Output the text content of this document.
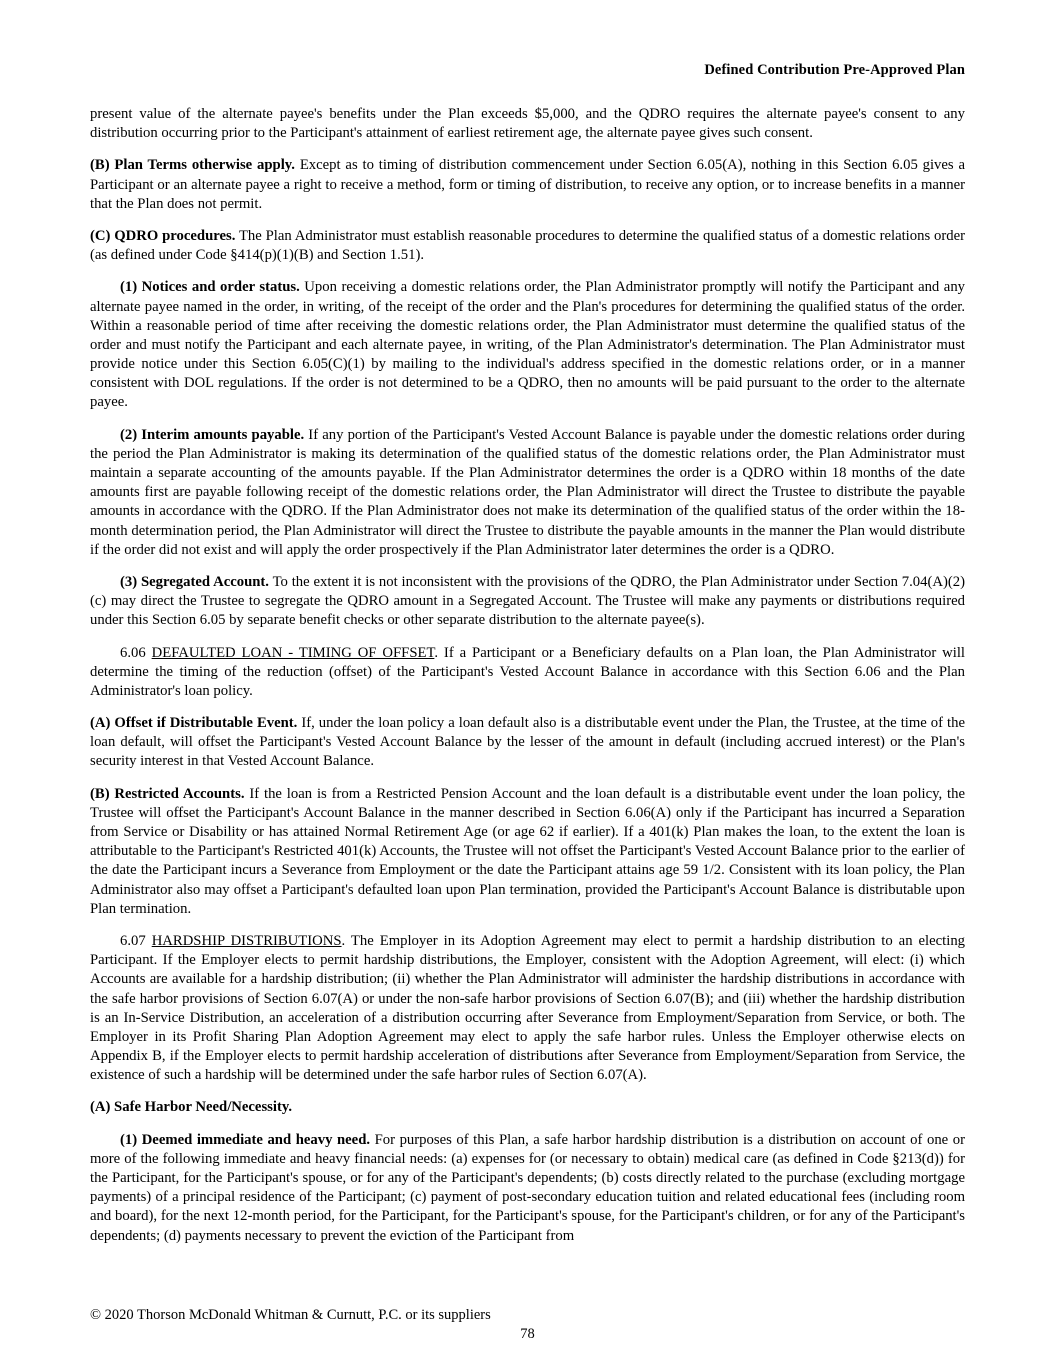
Defined Contribution Pre-Approved Plan
present value of the alternate payee's benefits under the Plan exceeds $5,000, and the QDRO requires the alternate payee's consent to any distribution occurring prior to the Participant's attainment of earliest retirement age, the alternate payee gives such consent.
(B) Plan Terms otherwise apply. Except as to timing of distribution commencement under Section 6.05(A), nothing in this Section 6.05 gives a Participant or an alternate payee a right to receive a method, form or timing of distribution, to receive any option, or to increase benefits in a manner that the Plan does not permit.
(C) QDRO procedures. The Plan Administrator must establish reasonable procedures to determine the qualified status of a domestic relations order (as defined under Code §414(p)(1)(B) and Section 1.51).
(1) Notices and order status. Upon receiving a domestic relations order, the Plan Administrator promptly will notify the Participant and any alternate payee named in the order, in writing, of the receipt of the order and the Plan's procedures for determining the qualified status of the order. Within a reasonable period of time after receiving the domestic relations order, the Plan Administrator must determine the qualified status of the order and must notify the Participant and each alternate payee, in writing, of the Plan Administrator's determination. The Plan Administrator must provide notice under this Section 6.05(C)(1) by mailing to the individual's address specified in the domestic relations order, or in a manner consistent with DOL regulations. If the order is not determined to be a QDRO, then no amounts will be paid pursuant to the order to the alternate payee.
(2) Interim amounts payable. If any portion of the Participant's Vested Account Balance is payable under the domestic relations order during the period the Plan Administrator is making its determination of the qualified status of the domestic relations order, the Plan Administrator must maintain a separate accounting of the amounts payable. If the Plan Administrator determines the order is a QDRO within 18 months of the date amounts first are payable following receipt of the domestic relations order, the Plan Administrator will direct the Trustee to distribute the payable amounts in accordance with the QDRO. If the Plan Administrator does not make its determination of the qualified status of the order within the 18-month determination period, the Plan Administrator will direct the Trustee to distribute the payable amounts in the manner the Plan would distribute if the order did not exist and will apply the order prospectively if the Plan Administrator later determines the order is a QDRO.
(3) Segregated Account. To the extent it is not inconsistent with the provisions of the QDRO, the Plan Administrator under Section 7.04(A)(2)(c) may direct the Trustee to segregate the QDRO amount in a Segregated Account. The Trustee will make any payments or distributions required under this Section 6.05 by separate benefit checks or other separate distribution to the alternate payee(s).
6.06 DEFAULTED LOAN - TIMING OF OFFSET. If a Participant or a Beneficiary defaults on a Plan loan, the Plan Administrator will determine the timing of the reduction (offset) of the Participant's Vested Account Balance in accordance with this Section 6.06 and the Plan Administrator's loan policy.
(A) Offset if Distributable Event. If, under the loan policy a loan default also is a distributable event under the Plan, the Trustee, at the time of the loan default, will offset the Participant's Vested Account Balance by the lesser of the amount in default (including accrued interest) or the Plan's security interest in that Vested Account Balance.
(B) Restricted Accounts. If the loan is from a Restricted Pension Account and the loan default is a distributable event under the loan policy, the Trustee will offset the Participant's Account Balance in the manner described in Section 6.06(A) only if the Participant has incurred a Separation from Service or Disability or has attained Normal Retirement Age (or age 62 if earlier). If a 401(k) Plan makes the loan, to the extent the loan is attributable to the Participant's Restricted 401(k) Accounts, the Trustee will not offset the Participant's Vested Account Balance prior to the earlier of the date the Participant incurs a Severance from Employment or the date the Participant attains age 59 1/2. Consistent with its loan policy, the Plan Administrator also may offset a Participant's defaulted loan upon Plan termination, provided the Participant's Account Balance is distributable upon Plan termination.
6.07 HARDSHIP DISTRIBUTIONS. The Employer in its Adoption Agreement may elect to permit a hardship distribution to an electing Participant. If the Employer elects to permit hardship distributions, the Employer, consistent with the Adoption Agreement, will elect: (i) which Accounts are available for a hardship distribution; (ii) whether the Plan Administrator will administer the hardship distributions in accordance with the safe harbor provisions of Section 6.07(A) or under the non-safe harbor provisions of Section 6.07(B); and (iii) whether the hardship distribution is an In-Service Distribution, an acceleration of a distribution occurring after Severance from Employment/Separation from Service, or both. The Employer in its Profit Sharing Plan Adoption Agreement may elect to apply the safe harbor rules. Unless the Employer otherwise elects on Appendix B, if the Employer elects to permit hardship acceleration of distributions after Severance from Employment/Separation from Service, the existence of such a hardship will be determined under the safe harbor rules of Section 6.07(A).
(A) Safe Harbor Need/Necessity.
(1) Deemed immediate and heavy need. For purposes of this Plan, a safe harbor hardship distribution is a distribution on account of one or more of the following immediate and heavy financial needs: (a) expenses for (or necessary to obtain) medical care (as defined in Code §213(d)) for the Participant, for the Participant's spouse, or for any of the Participant's dependents; (b) costs directly related to the purchase (excluding mortgage payments) of a principal residence of the Participant; (c) payment of post-secondary education tuition and related educational fees (including room and board), for the next 12-month period, for the Participant, for the Participant's spouse, for the Participant's children, or for any of the Participant's dependents; (d) payments necessary to prevent the eviction of the Participant from
© 2020 Thorson McDonald Whitman & Curnutt, P.C. or its suppliers
78
